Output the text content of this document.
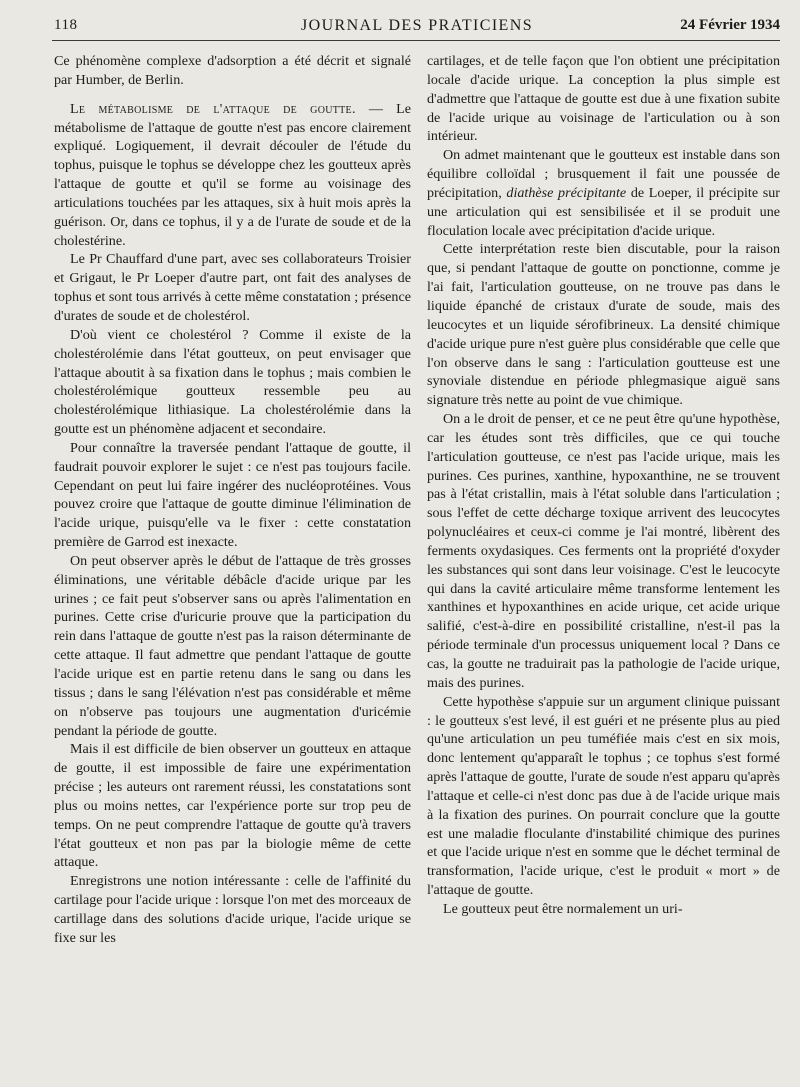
118	JOURNAL DES PRATICIENS	24 Février 1934

Ce phénomène complexe d'adsorption a été décrit et signalé par Humber, de Berlin.

Le métabolisme de l'attaque de goutte. — Le métabolisme de l'attaque de goutte n'est pas encore clairement expliqué. Logiquement, il devrait découler de l'étude du tophus, puisque le tophus se développe chez les goutteux après l'attaque de goutte et qu'il se forme au voisinage des articulations touchées par les attaques, six à huit mois après la guérison. Or, dans ce tophus, il y a de l'urate de soude et de la cholestérine.

Le Pr Chauffard d'une part, avec ses collaborateurs Troisier et Grigaut, le Pr Loeper d'autre part, ont fait des analyses de tophus et sont tous arrivés à cette même constatation ; présence d'urates de soude et de cholestérol.

D'où vient ce cholestérol ? Comme il existe de la cholestérolémie dans l'état goutteux, on peut envisager que l'attaque aboutit à sa fixation dans le tophus ; mais combien le cholestérolémique goutteux ressemble peu au cholestérolémique lithiasique. La cholestérolémie dans la goutte est un phénomène adjacent et secondaire.

Pour connaître la traversée pendant l'attaque de goutte, il faudrait pouvoir explorer le sujet : ce n'est pas toujours facile. Cependant on peut lui faire ingérer des nucléoprotéines. Vous pouvez croire que l'attaque de goutte diminue l'élimination de l'acide urique, puisqu'elle va le fixer : cette constatation première de Garrod est inexacte.

On peut observer après le début de l'attaque de très grosses éliminations, une véritable débâcle d'acide urique par les urines ; ce fait peut s'observer sans ou après l'alimentation en purines. Cette crise d'uricurie prouve que la participation du rein dans l'attaque de goutte n'est pas la raison déterminante de cette attaque. Il faut admettre que pendant l'attaque de goutte l'acide urique est en partie retenu dans le sang ou dans les tissus ; dans le sang l'élévation n'est pas considérable et même on n'observe pas toujours une augmentation d'uricémie pendant la période de goutte.

Mais il est difficile de bien observer un goutteux en attaque de goutte, il est impossible de faire une expérimentation précise ; les auteurs ont rarement réussi, les constatations sont plus ou moins nettes, car l'expérience porte sur trop peu de temps. On ne peut comprendre l'attaque de goutte qu'à travers l'état goutteux et non pas par la biologie même de cette attaque.

Enregistrons une notion intéressante : celle de l'affinité du cartilage pour l'acide urique : lorsque l'on met des morceaux de cartillage dans des solutions d'acide urique, l'acide urique se fixe sur les

cartilages, et de telle façon que l'on obtient une précipitation locale d'acide urique. La conception la plus simple est d'admettre que l'attaque de goutte est due à une fixation subite de l'acide urique au voisinage de l'articulation ou à son intérieur.

On admet maintenant que le goutteux est instable dans son équilibre colloïdal ; brusquement il fait une poussée de précipitation, diathèse précipitante de Loeper, il précipite sur une articulation qui est sensibilisée et il se produit une floculation locale avec précipitation d'acide urique.

Cette interprétation reste bien discutable, pour la raison que, si pendant l'attaque de goutte on ponctionne, comme je l'ai fait, l'articulation goutteuse, on ne trouve pas dans le liquide épanché de cristaux d'urate de soude, mais des leucocytes et un liquide sérofibrineux. La densité chimique d'acide urique pure n'est guère plus considérable que celle que l'on observe dans le sang : l'articulation goutteuse est une synoviale distendue en période phlegmasique aiguë sans signature très nette au point de vue chimique.

On a le droit de penser, et ce ne peut être qu'une hypothèse, car les études sont très difficiles, que ce qui touche l'articulation goutteuse, ce n'est pas l'acide urique, mais les purines. Ces purines, xanthine, hypoxanthine, ne se trouvent pas à l'état cristallin, mais à l'état soluble dans l'articulation ; sous l'effet de cette décharge toxique arrivent des leucocytes polynucléaires et ceux-ci comme je l'ai montré, libèrent des ferments oxydasiques. Ces ferments ont la propriété d'oxyder les substances qui sont dans leur voisinage. C'est le leucocyte qui dans la cavité articulaire même transforme lentement les xanthines et hypoxanthines en acide urique, cet acide urique salifié, c'est-à-dire en possibilité cristalline, n'est-il pas la période terminale d'un processus uniquement local ? Dans ce cas, la goutte ne traduirait pas la pathologie de l'acide urique, mais des purines.

Cette hypothèse s'appuie sur un argument clinique puissant : le goutteux s'est levé, il est guéri et ne présente plus au pied qu'une articulation un peu tuméfiée mais c'est en six mois, donc lentement qu'apparaît le tophus ; ce tophus s'est formé après l'attaque de goutte, l'urate de soude n'est apparu qu'après l'attaque et celle-ci n'est donc pas due à de l'acide urique mais à la fixation des purines. On pourrait conclure que la goutte est une maladie floculante d'instabilité chimique des purines et que l'acide urique n'est en somme que le déchet terminal de transformation, l'acide urique, c'est le produit « mort » de l'attaque de goutte.

Le goutteux peut être normalement un uri-
